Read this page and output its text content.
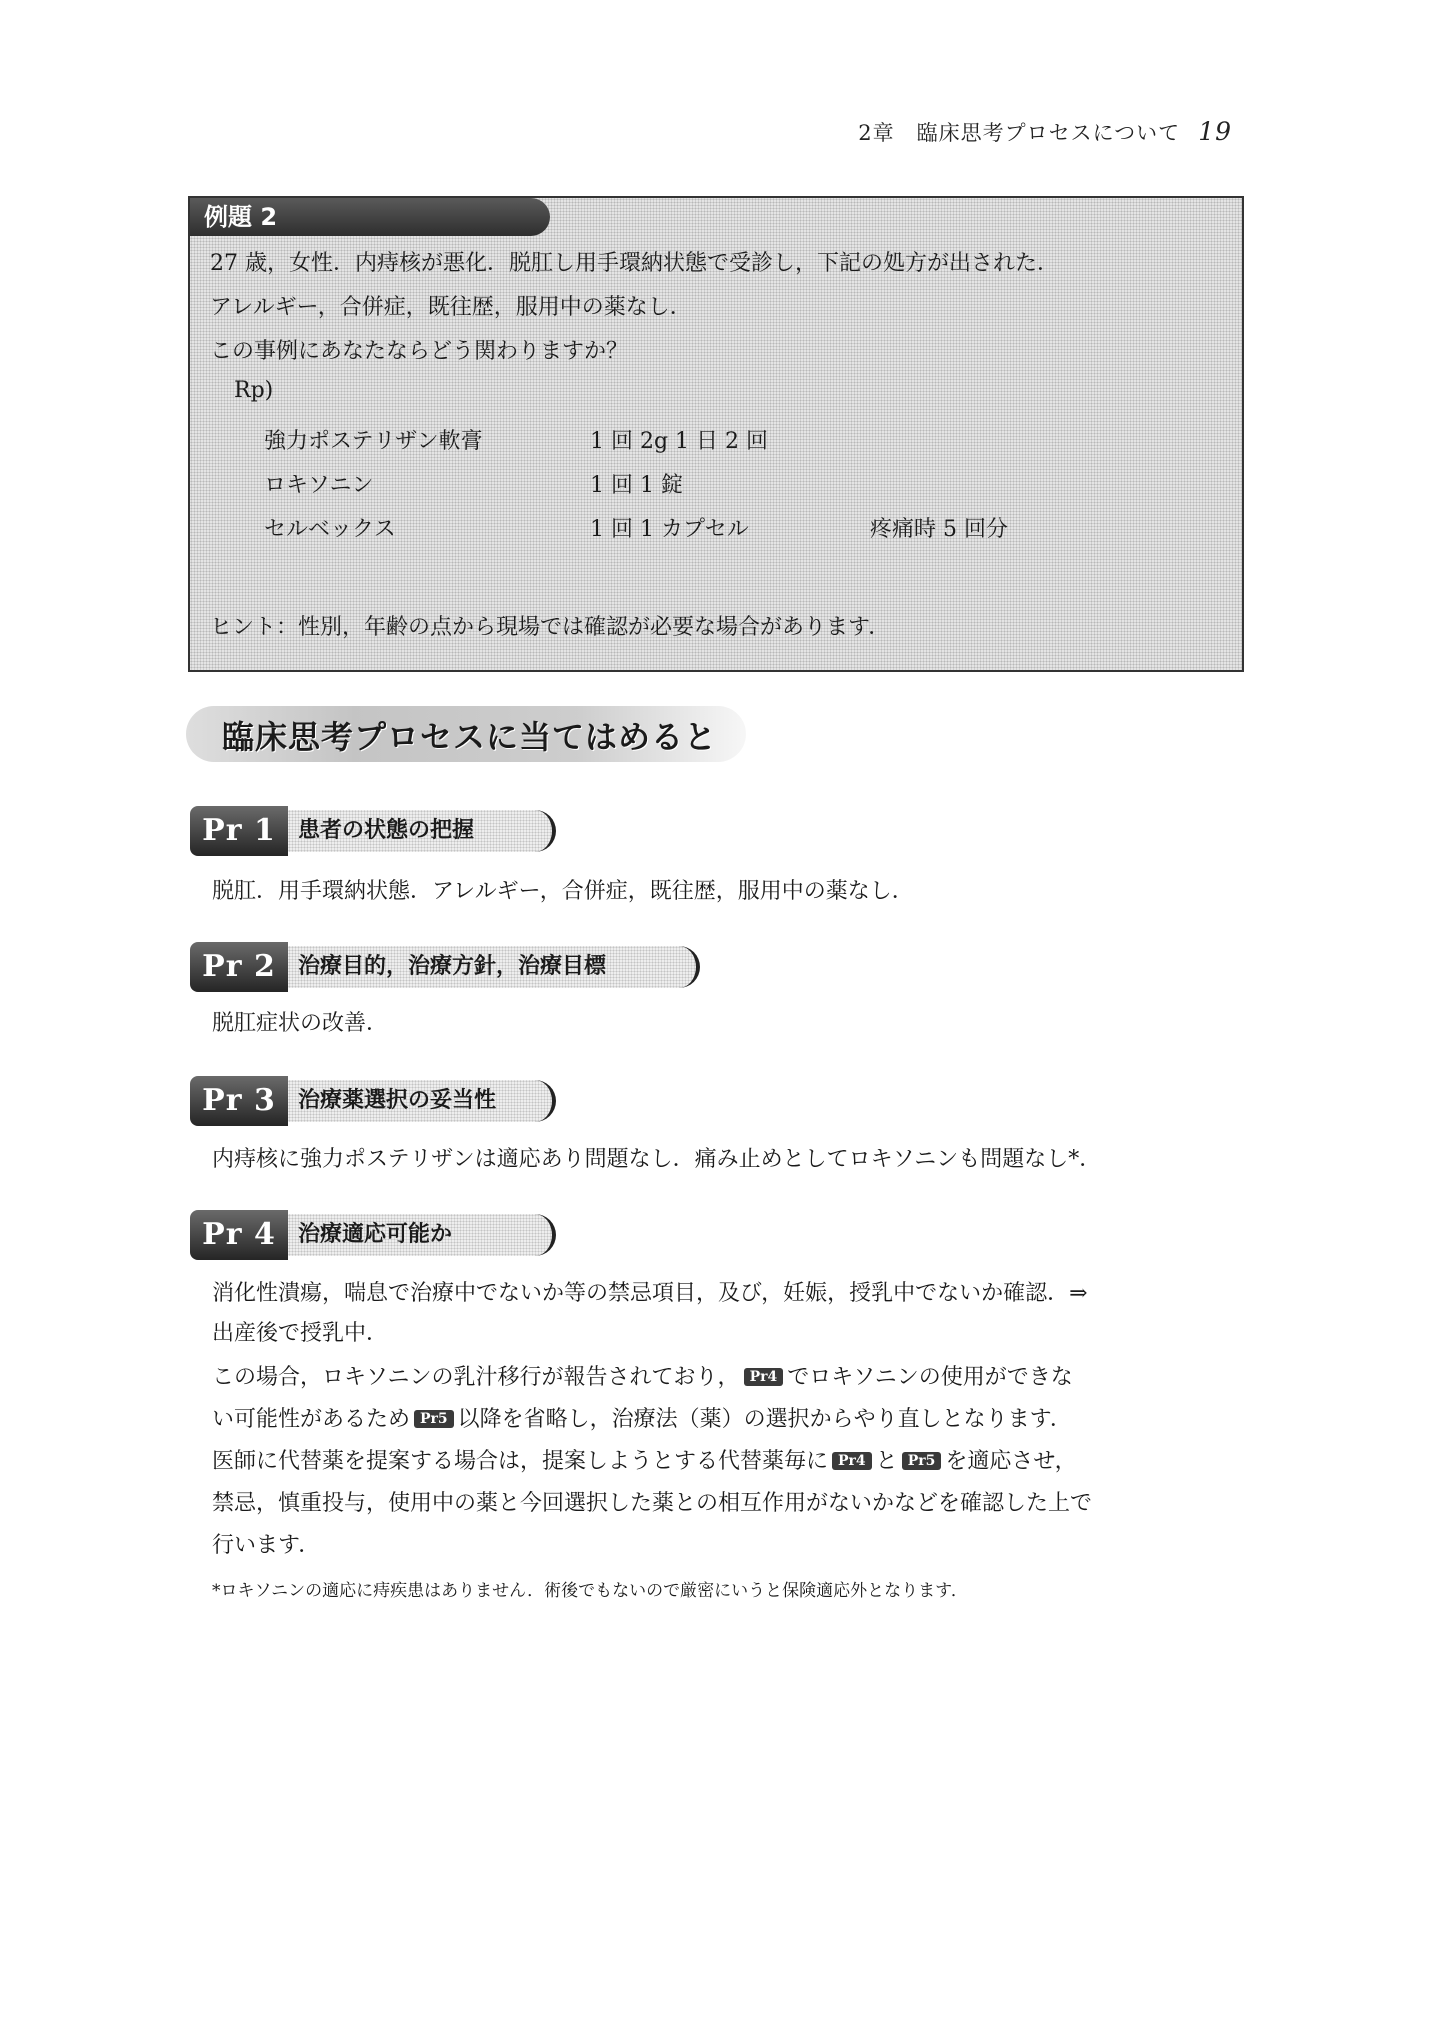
2章　臨床思考プロセスについて 19
例題 2
27 歳，女性．内痔核が悪化．脱肛し用手環納状態で受診し，下記の処方が出された．
アレルギー，合併症，既往歴，服用中の薬なし．
この事例にあなたならどう関わりますか？
Rp)
強力ポステリザン軟膏	1 回 2g 1 日 2 回
ロキソニン	1 回 1 錠
セルベックス	1 回 1 カプセル	疼痛時 5 回分
ヒント：性別，年齢の点から現場では確認が必要な場合があります．
臨床思考プロセスに当てはめると
Pr 1	患者の状態の把握
脱肛．用手環納状態．アレルギー，合併症，既往歴，服用中の薬なし．
Pr 2	治療目的，治療方針，治療目標
脱肛症状の改善．
Pr 3	治療薬選択の妥当性
内痔核に強力ポステリザンは適応あり問題なし．痛み止めとしてロキソニンも問題なし*．
Pr 4	治療適応可能か
消化性潰瘍，喘息で治療中でないか等の禁忌項目，及び，妊娠，授乳中でないか確認．⇒
出産後で授乳中．
この場合，ロキソニンの乳汁移行が報告されており， Pr4 でロキソニンの使用ができな
い可能性があるため Pr5 以降を省略し，治療法（薬）の選択からやり直しとなります．
医師に代替薬を提案する場合は，提案しようとする代替薬毎に Pr4 と Pr5 を適応させ，
禁忌，慎重投与，使用中の薬と今回選択した薬との相互作用がないかなどを確認した上で
行います．
*ロキソニンの適応に痔疾患はありません．術後でもないので厳密にいうと保険適応外となります．
